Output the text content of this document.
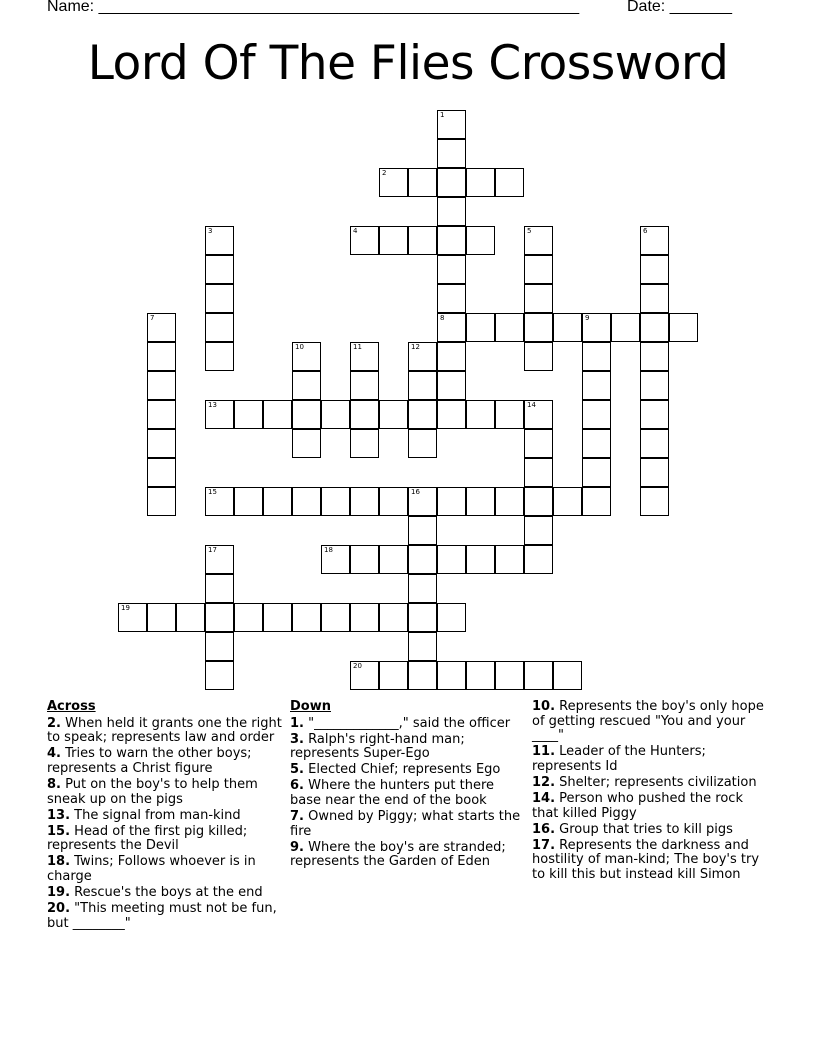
Name: ______________________________________________________	Date: _______
Lord Of The Flies Crossword
1
8
2
3	4	5	6
7	9
10	11	12
13	14
15	16
17	18
19
20
Across
2. When held it grants one the right to speak; represents law and order
4. Tries to warn the other boys; represents a Christ figure
8. Put on the boy's to help them sneak up on the pigs
13. The signal from man-kind
15. Head of the first pig killed; represents the Devil
18. Twins; Follows whoever is in charge
19. Rescue's the boys at the end
20. "This meeting must not be fun, but ________"
Down
1. "_____________," said the officer
3. Ralph's right-hand man; represents Super-Ego
5. Elected Chief; represents Ego
6. Where the hunters put there base near the end of the book
7. Owned by Piggy; what starts the fire
9. Where the boy's are stranded; represents the Garden of Eden
10. Represents the boy's only hope of getting rescued "You and your ____"
11. Leader of the Hunters; represents Id
12. Shelter; represents civilization
14. Person who pushed the rock that killed Piggy
16. Group that tries to kill pigs
17. Represents the darkness and hostility of man-kind; The boy's try to kill this but instead kill Simon
